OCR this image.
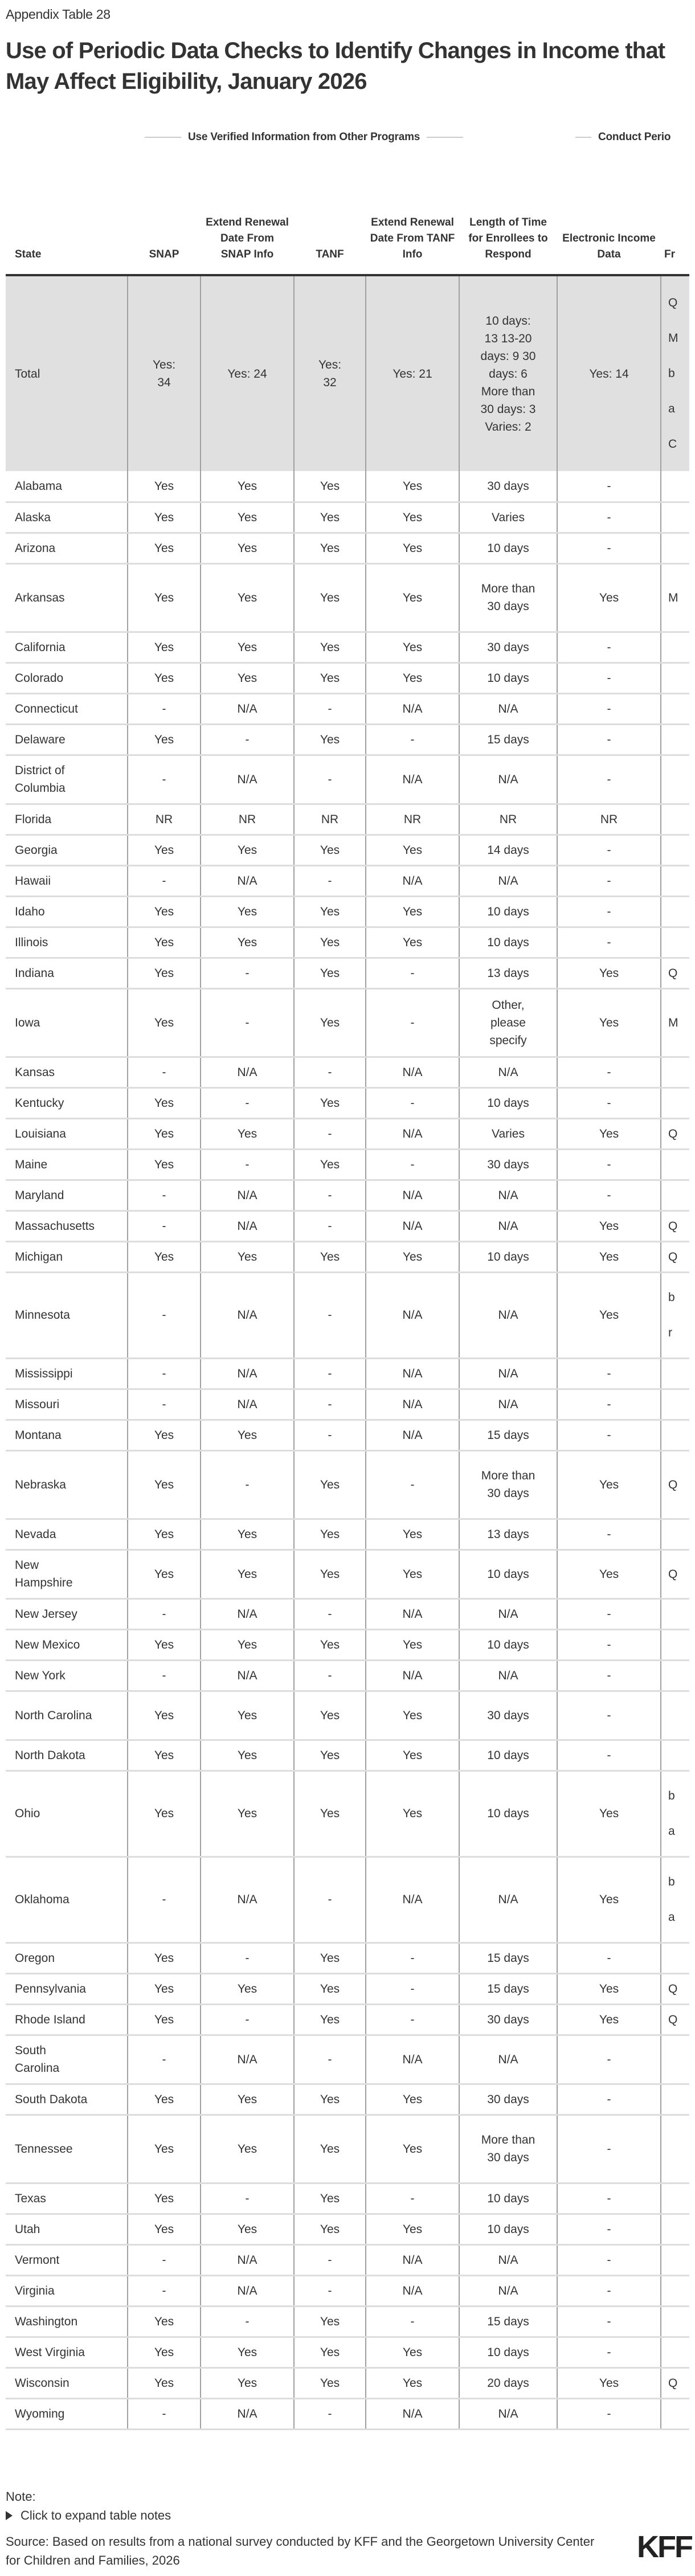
Appendix Table 28
Use of Periodic Data Checks to Identify Changes in Income that May Affect Eligibility, January 2026
Use Verified Information from Other Programs	Conduct Perio
State	SNAP	Extend Renewal Date From SNAP Info	TANF	Extend Renewal Date From TANF Info	Length of Time for Enrollees to Respond	Electronic Income Data	Fr
Total	Yes: 34	Yes: 24	Yes: 32	Yes: 21	10 days: 13 13-20 days: 9 30 days: 6 More than 30 days: 3 Varies: 2	Yes: 14	Q M b a C
Alabama	Yes	Yes	Yes	Yes	30 days	-	
Alaska	Yes	Yes	Yes	Yes	Varies	-	
Arizona	Yes	Yes	Yes	Yes	10 days	-	
Arkansas	Yes	Yes	Yes	Yes	More than 30 days	Yes	M
California	Yes	Yes	Yes	Yes	30 days	-	
Colorado	Yes	Yes	Yes	Yes	10 days	-	
Connecticut	-	N/A	-	N/A	N/A	-	
Delaware	Yes	-	Yes	-	15 days	-	
District of Columbia	-	N/A	-	N/A	N/A	-	
Florida	NR	NR	NR	NR	NR	NR	
Georgia	Yes	Yes	Yes	Yes	14 days	-	
Hawaii	-	N/A	-	N/A	N/A	-	
Idaho	Yes	Yes	Yes	Yes	10 days	-	
Illinois	Yes	Yes	Yes	Yes	10 days	-	
Indiana	Yes	-	Yes	-	13 days	Yes	Q
Iowa	Yes	-	Yes	-	Other, please specify	Yes	M
Kansas	-	N/A	-	N/A	N/A	-	
Kentucky	Yes	-	Yes	-	10 days	-	
Louisiana	Yes	Yes	-	N/A	Varies	Yes	Q
Maine	Yes	-	Yes	-	30 days	-	
Maryland	-	N/A	-	N/A	N/A	-	
Massachusetts	-	N/A	-	N/A	N/A	Yes	Q
Michigan	Yes	Yes	Yes	Yes	10 days	Yes	Q
Minnesota	-	N/A	-	N/A	N/A	Yes	b r
Mississippi	-	N/A	-	N/A	N/A	-	
Missouri	-	N/A	-	N/A	N/A	-	
Montana	Yes	Yes	-	N/A	15 days	-	
Nebraska	Yes	-	Yes	-	More than 30 days	Yes	Q
Nevada	Yes	Yes	Yes	Yes	13 days	-	
New Hampshire	Yes	Yes	Yes	Yes	10 days	Yes	Q
New Jersey	-	N/A	-	N/A	N/A	-	
New Mexico	Yes	Yes	Yes	Yes	10 days	-	
New York	-	N/A	-	N/A	N/A	-	
North Carolina	Yes	Yes	Yes	Yes	30 days	-	
North Dakota	Yes	Yes	Yes	Yes	10 days	-	
Ohio	Yes	Yes	Yes	Yes	10 days	Yes	b a
Oklahoma	-	N/A	-	N/A	N/A	Yes	b a
Oregon	Yes	-	Yes	-	15 days	-	
Pennsylvania	Yes	Yes	Yes	-	15 days	Yes	Q
Rhode Island	Yes	-	Yes	-	30 days	Yes	Q
South Carolina	-	N/A	-	N/A	N/A	-	
South Dakota	Yes	Yes	Yes	Yes	30 days	-	
Tennessee	Yes	Yes	Yes	Yes	More than 30 days	-	
Texas	Yes	-	Yes	-	10 days	-	
Utah	Yes	Yes	Yes	Yes	10 days	-	
Vermont	-	N/A	-	N/A	N/A	-	
Virginia	-	N/A	-	N/A	N/A	-	
Washington	Yes	-	Yes	-	15 days	-	
West Virginia	Yes	Yes	Yes	Yes	10 days	-	
Wisconsin	Yes	Yes	Yes	Yes	20 days	Yes	Q
Wyoming	-	N/A	-	N/A	N/A	-	
Note:
Click to expand table notes
Source: Based on results from a national survey conducted by KFF and the Georgetown University Center for Children and Families, 2026	KFF
